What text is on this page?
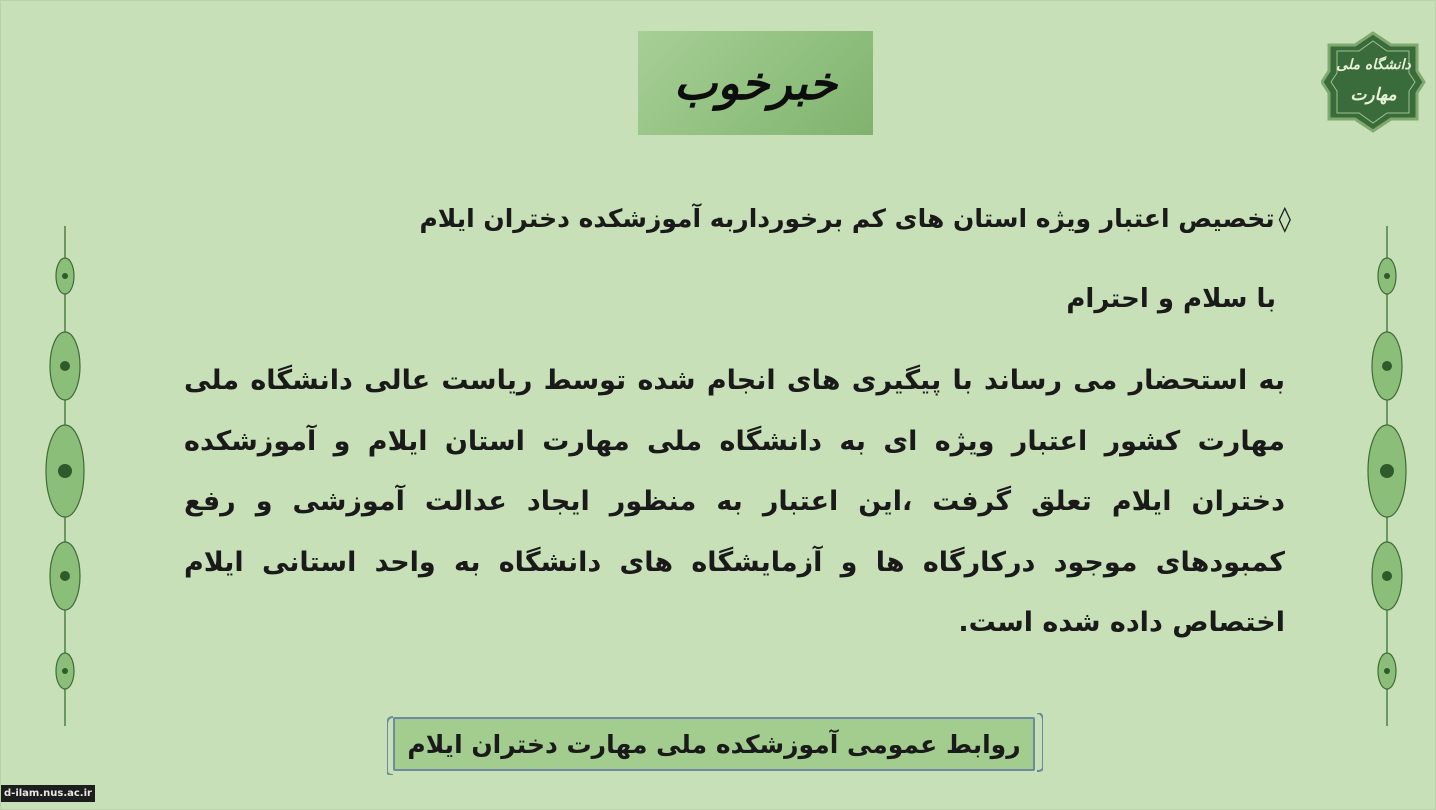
خبرخوب	دانشگاه ملی
مهارت
◊تخصیص اعتبار ویژه استان های کم برخورداربه آموزشکده دختران ایلام
با سلام و احترام
به استحضار می رساند با پیگیری های انجام شده توسط ریاست عالی دانشگاه ملی مهارت کشور اعتبار ویژه ای به دانشگاه ملی مهارت استان ایلام و آموزشکده دختران ایلام تعلق گرفت ،این اعتبار به منظور ایجاد عدالت آموزشی و رفع کمبودهای موجود درکارگاه ها و آزمایشگاه های دانشگاه به واحد استانی ایلام اختصاص داده شده است.
روابط عمومی آموزشکده ملی مهارت دختران ایلام
d-ilam.nus.ac.ir
